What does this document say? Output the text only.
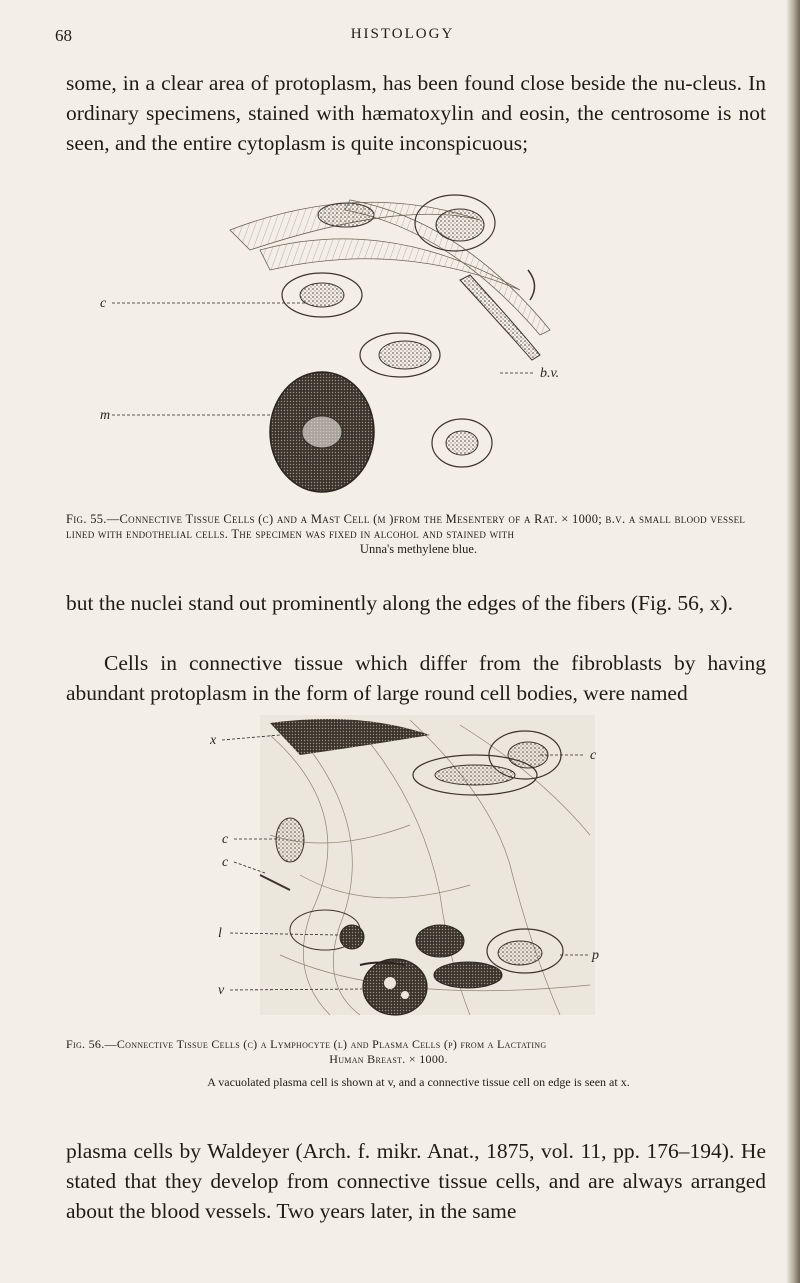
68	HISTOLOGY

some, in a clear area of protoplasm, has been found close beside the nu-cleus. In ordinary specimens, stained with hæmatoxylin and eosin, the centrosome is not seen, and the entire cytoplasm is quite inconspicuous;

c
m
b.v.

Fig. 55.—Connective Tissue Cells (c) and a Mast Cell (m )from the Mesentery of a Rat. × 1000; b.v. a small blood vessel lined with endothelial cells. The specimen was fixed in alcohol and stained with
Unna's methylene blue.

but the nuclei stand out prominently along the edges of the fibers (Fig. 56, x).

Cells in connective tissue which differ from the fibroblasts by having abundant protoplasm in the form of large round cell bodies, were named

x
c
c
c
l
v
p

Fig. 56.—Connective Tissue Cells (c) a Lymphocyte (l) and Plasma Cells (p) from a Lactating
Human Breast. × 1000.
A vacuolated plasma cell is shown at v, and a connective tissue cell on edge is seen at x.

plasma cells by Waldeyer (Arch. f. mikr. Anat., 1875, vol. 11, pp. 176–194). He stated that they develop from connective tissue cells, and are always arranged about the blood vessels. Two years later, in the same
